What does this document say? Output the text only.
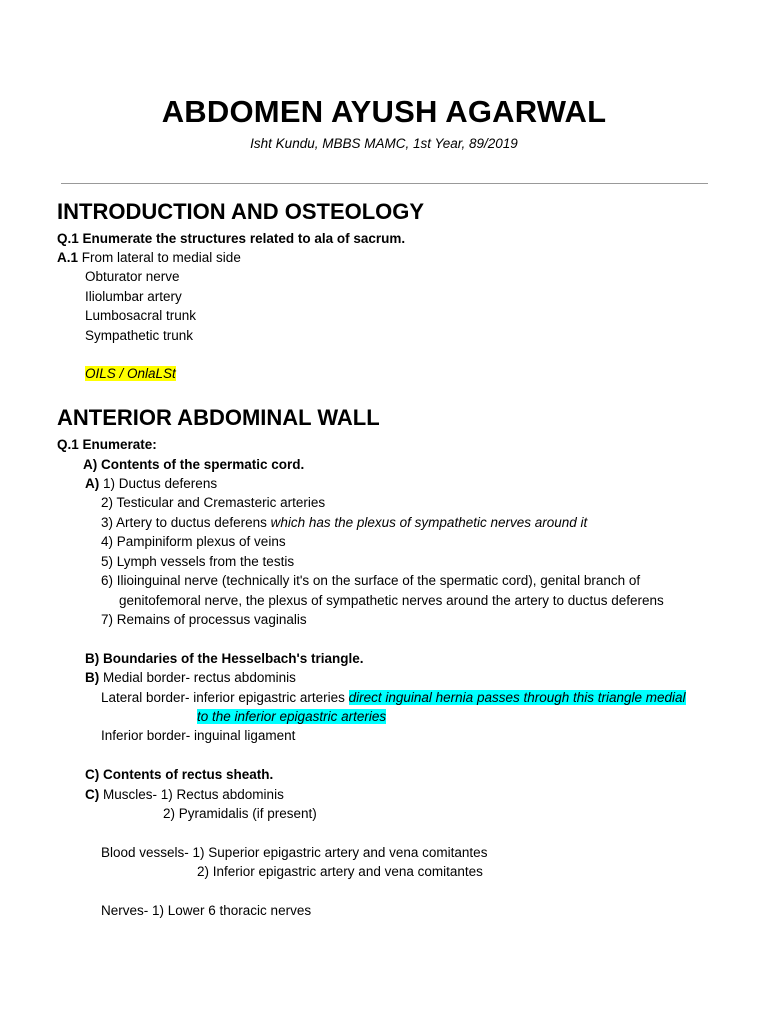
ABDOMEN AYUSH AGARWAL
Isht Kundu, MBBS MAMC, 1st Year, 89/2019
INTRODUCTION AND OSTEOLOGY
Q.1 Enumerate the structures related to ala of sacrum.
A.1 From lateral to medial side
Obturator nerve
Iliolumbar artery
Lumbosacral trunk
Sympathetic trunk
OILS / OnlaLSt
ANTERIOR ABDOMINAL WALL
Q.1 Enumerate:
A) Contents of the spermatic cord.
A) 1) Ductus deferens
2) Testicular and Cremasteric arteries
3) Artery to ductus deferens which has the plexus of sympathetic nerves around it
4) Pampiniform plexus of veins
5) Lymph vessels from the testis
6) Ilioinguinal nerve (technically it's on the surface of the spermatic cord), genital branch of
genitofemoral nerve, the plexus of sympathetic nerves around the artery to ductus deferens
7) Remains of processus vaginalis
B) Boundaries of the Hesselbach's triangle.
B) Medial border- rectus abdominis
Lateral border- inferior epigastric arteries direct inguinal hernia passes through this triangle medial
to the inferior epigastric arteries
Inferior border- inguinal ligament
C) Contents of rectus sheath.
C) Muscles- 1) Rectus abdominis
2) Pyramidalis (if present)
Blood vessels- 1) Superior epigastric artery and vena comitantes
2) Inferior epigastric artery and vena comitantes
Nerves- 1) Lower 6 thoracic nerves
